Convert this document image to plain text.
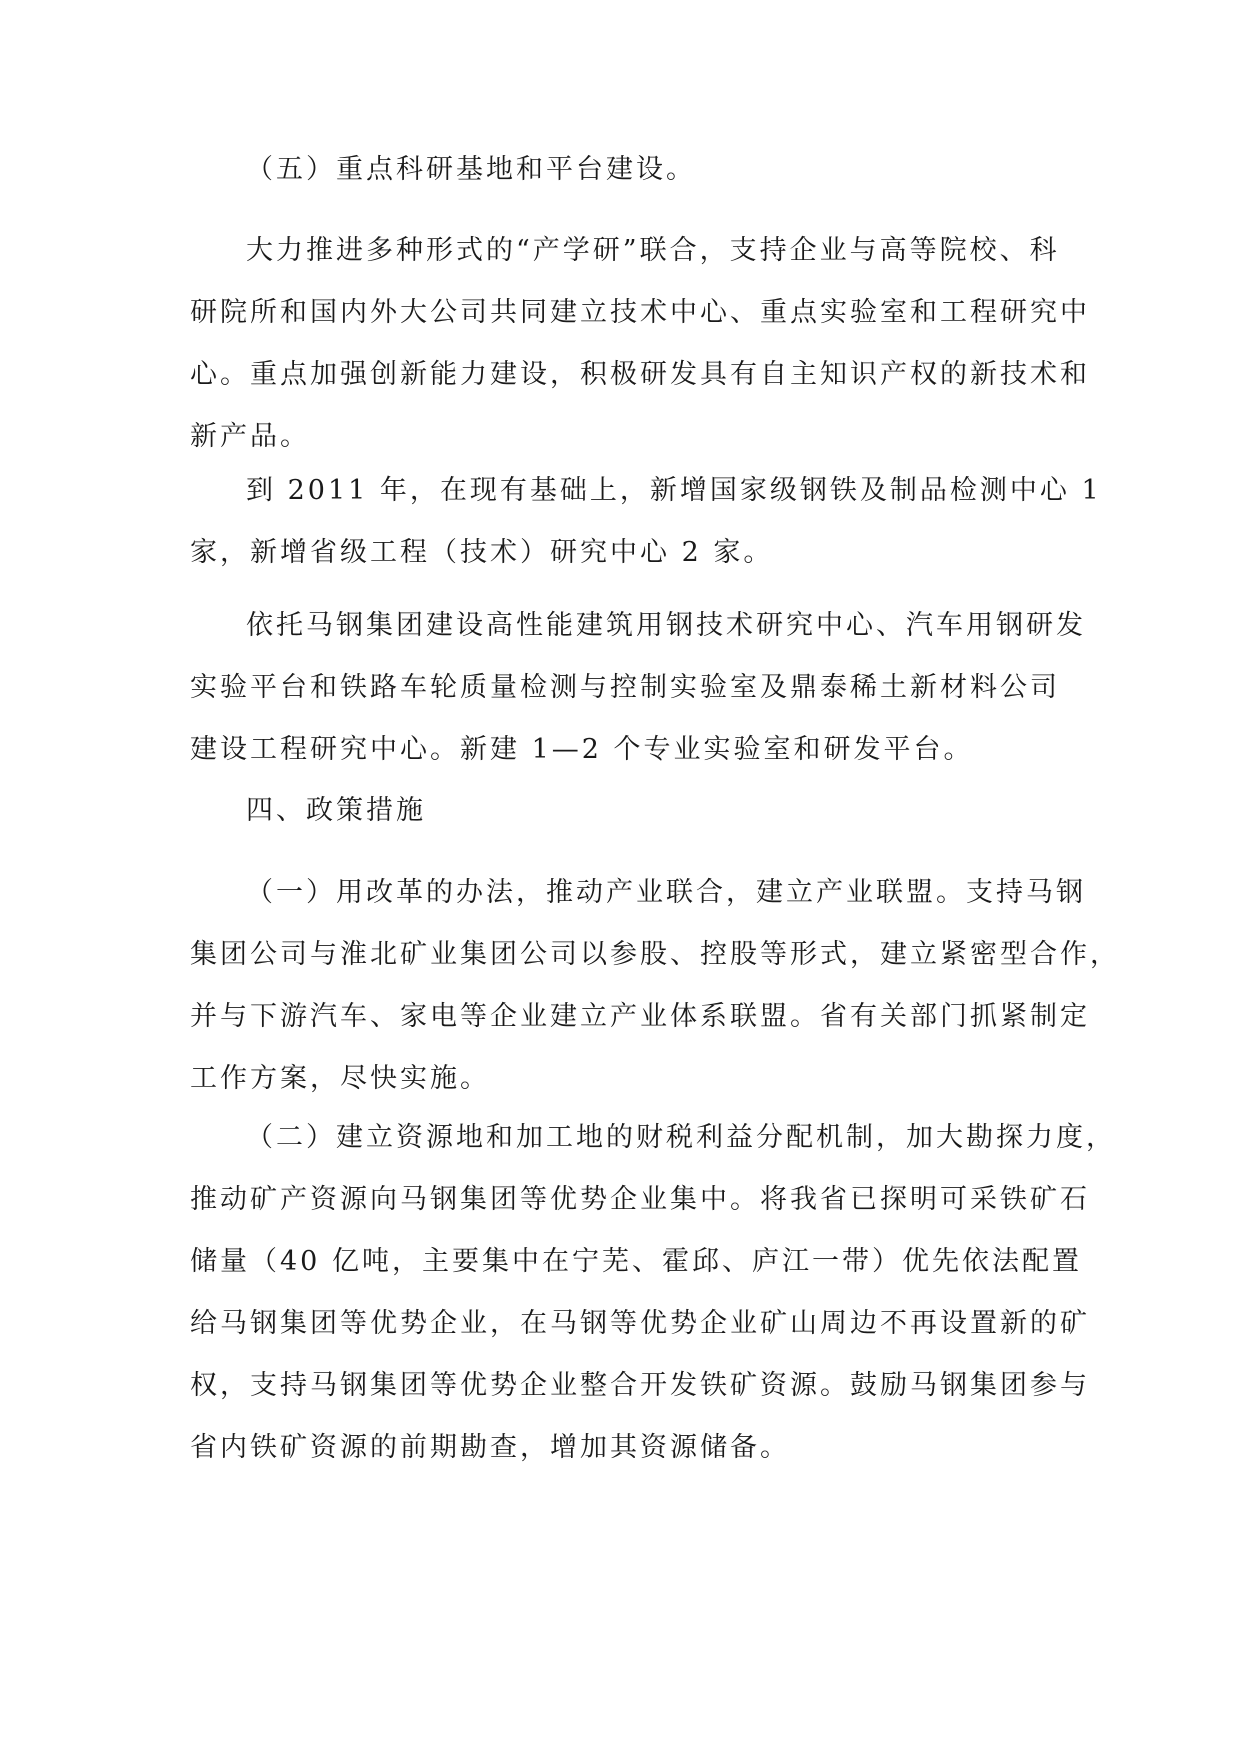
（五）重点科研基地和平台建设。

大力推进多种形式的“产学研”联合，支持企业与高等院校、科
研院所和国内外大公司共同建立技术中心、重点实验室和工程研究中
心。重点加强创新能力建设，积极研发具有自主知识产权的新技术和
新产品。

到 2011 年，在现有基础上，新增国家级钢铁及制品检测中心 1
家，新增省级工程（技术）研究中心 2 家。

依托马钢集团建设高性能建筑用钢技术研究中心、汽车用钢研发
实验平台和铁路车轮质量检测与控制实验室及鼎泰稀土新材料公司
建设工程研究中心。新建 1—2 个专业实验室和研发平台。

四、政策措施

（一）用改革的办法，推动产业联合，建立产业联盟。支持马钢
集团公司与淮北矿业集团公司以参股、控股等形式，建立紧密型合作，
并与下游汽车、家电等企业建立产业体系联盟。省有关部门抓紧制定
工作方案，尽快实施。

（二）建立资源地和加工地的财税利益分配机制，加大勘探力度，
推动矿产资源向马钢集团等优势企业集中。将我省已探明可采铁矿石
储量（40 亿吨，主要集中在宁芜、霍邱、庐江一带）优先依法配置
给马钢集团等优势企业，在马钢等优势企业矿山周边不再设置新的矿
权，支持马钢集团等优势企业整合开发铁矿资源。鼓励马钢集团参与
省内铁矿资源的前期勘查，增加其资源储备。
